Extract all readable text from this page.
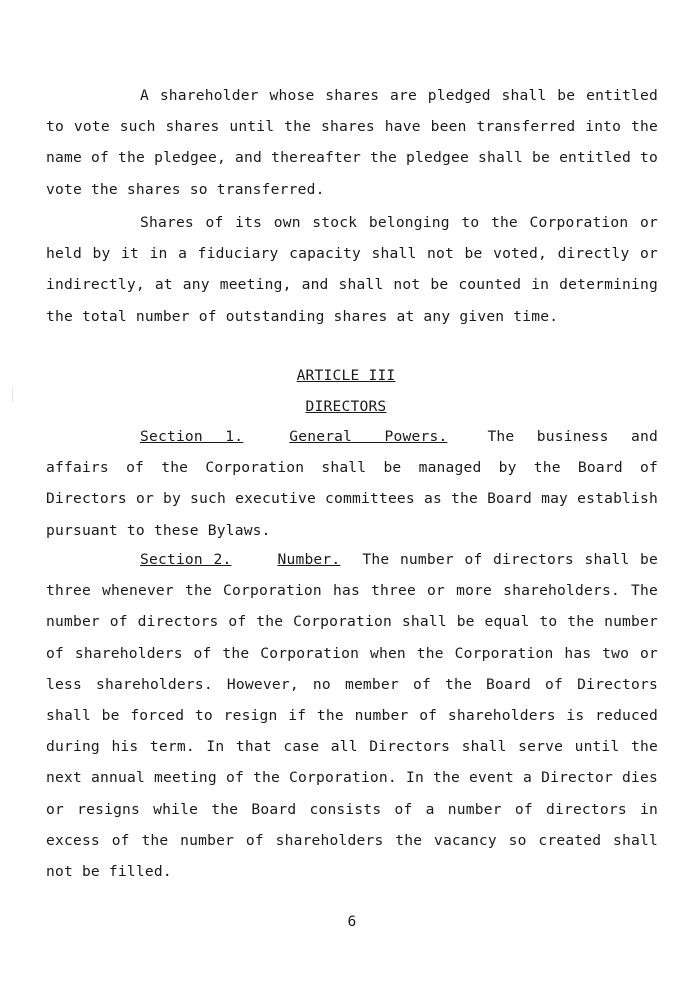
A shareholder whose shares are pledged shall be entitled to vote such shares until the shares have been transferred into the name of the pledgee, and thereafter the pledgee shall be entitled to vote the shares so transferred.

Shares of its own stock belonging to the Corporation or held by it in a fiduciary capacity shall not be voted, directly or indirectly, at any meeting, and shall not be counted in determining the total number of outstanding shares at any given time.

ARTICLE III

DIRECTORS

Section 1.	General Powers.	The business and affairs of the Corporation shall be managed by the Board of Directors or by such executive committees as the Board may establish pursuant to these Bylaws.

Section 2.	Number. The number of directors shall be three whenever the Corporation has three or more shareholders. The number of directors of the Corporation shall be equal to the number of shareholders of the Corporation when the Corporation has two or less shareholders. However, no member of the Board of Directors shall be forced to resign if the number of shareholders is reduced during his term. In that case all Directors shall serve until the next annual meeting of the Corporation. In the event a Director dies or resigns while the Board consists of a number of directors in excess of the number of shareholders the vacancy so created shall not be filled.

6
